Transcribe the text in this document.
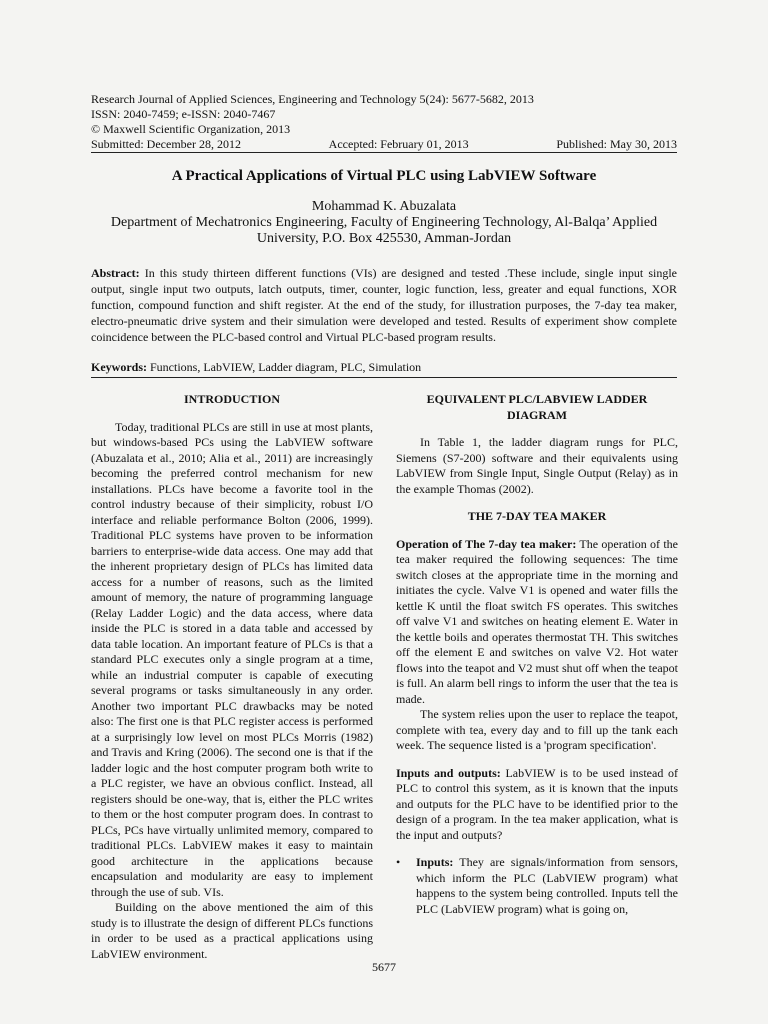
Research Journal of Applied Sciences, Engineering and Technology 5(24): 5677-5682, 2013
ISSN: 2040-7459; e-ISSN: 2040-7467
© Maxwell Scientific Organization, 2013
Submitted: December 28, 2012	Accepted: February 01, 2013	Published: May 30, 2013
A Practical Applications of Virtual PLC using LabVIEW Software
Mohammad K. Abuzalata
Department of Mechatronics Engineering, Faculty of Engineering Technology, Al-Balqa’ Applied
University, P.O. Box 425530, Amman-Jordan
Abstract: In this study thirteen different functions (VIs) are designed and tested .These include, single input single output, single input two outputs, latch outputs, timer, counter, logic function, less, greater and equal functions, XOR function, compound function and shift register. At the end of the study, for illustration purposes, the 7-day tea maker, electro-pneumatic drive system and their simulation were developed and tested. Results of experiment show complete coincidence between the PLC-based control and Virtual PLC-based program results.
Keywords: Functions, LabVIEW, Ladder diagram, PLC, Simulation
INTRODUCTION

Today, traditional PLCs are still in use at most plants, but windows-based PCs using the LabVIEW software (Abuzalata et al., 2010; Alia et al., 2011) are increasingly becoming the preferred control mechanism for new installations. PLCs have become a favorite tool in the control industry because of their simplicity, robust I/O interface and reliable performance Bolton (2006, 1999). Traditional PLC systems have proven to be information barriers to enterprise-wide data access. One may add that the inherent proprietary design of PLCs has limited data access for a number of reasons, such as the limited amount of memory, the nature of programming language (Relay Ladder Logic) and the data access, where data inside the PLC is stored in a data table and accessed by data table location. An important feature of PLCs is that a standard PLC executes only a single program at a time, while an industrial computer is capable of executing several programs or tasks simultaneously in any order. Another two important PLC drawbacks may be noted also: The first one is that PLC register access is performed at a surprisingly low level on most PLCs Morris (1982) and Travis and Kring (2006). The second one is that if the ladder logic and the host computer program both write to a PLC register, we have an obvious conflict. Instead, all registers should be one-way, that is, either the PLC writes to them or the host computer program does. In contrast to PLCs, PCs have virtually unlimited memory, compared to traditional PLCs. LabVIEW makes it easy to maintain good architecture in the applications because encapsulation and modularity are easy to implement through the use of sub. VIs.

Building on the above mentioned the aim of this study is to illustrate the design of different PLCs functions in order to be used as a practical applications using LabVIEW environment.

EQUIVALENT PLC/LABVIEW LADDER
DIAGRAM

In Table 1, the ladder diagram rungs for PLC, Siemens (S7-200) software and their equivalents using LabVIEW from Single Input, Single Output (Relay) as in the example Thomas (2002).

THE 7-DAY TEA MAKER

Operation of The 7-day tea maker: The operation of the tea maker required the following sequences: The time switch closes at the appropriate time in the morning and initiates the cycle. Valve V1 is opened and water fills the kettle K until the float switch FS operates. This switches off valve V1 and switches on heating element E. Water in the kettle boils and operates thermostat TH. This switches off the element E and switches on valve V2. Hot water flows into the teapot and V2 must shut off when the teapot is full. An alarm bell rings to inform the user that the tea is made.

The system relies upon the user to replace the teapot, complete with tea, every day and to fill up the tank each week. The sequence listed is a 'program specification'.

Inputs and outputs: LabVIEW is to be used instead of PLC to control this system, as it is known that the inputs and outputs for the PLC have to be identified prior to the design of a program. In the tea maker application, what is the input and outputs?

•	Inputs: They are signals/information from sensors, which inform the PLC (LabVIEW program) what happens to the system being controlled. Inputs tell the PLC (LabVIEW program) what is going on,

5677
